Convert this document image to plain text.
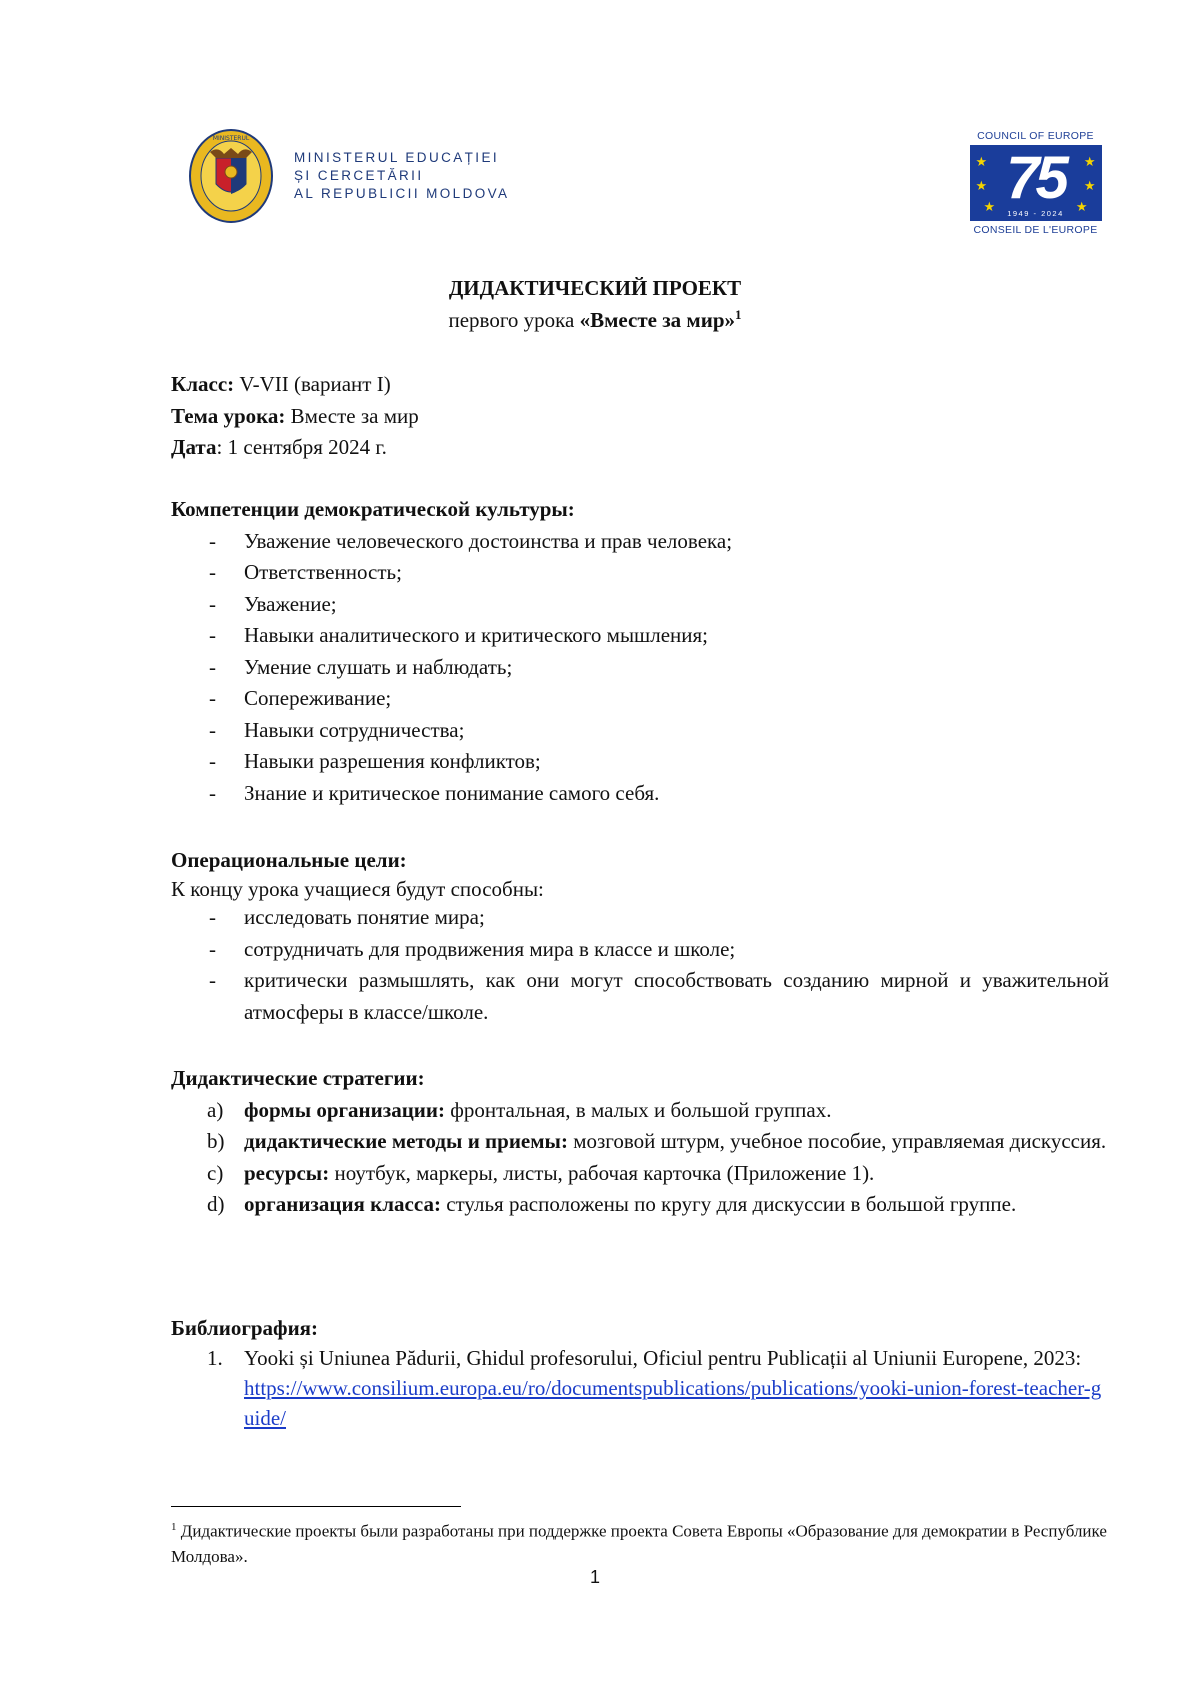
MINISTERUL
MINISTERUL EDUCAȚIEI
ȘI CERCETĂRII
AL REPUBLICII MOLDOVA
COUNCIL OF EUROPE
★
★
★
★
★
★
75
1949 - 2024
CONSEIL DE L'EUROPE
ДИДАКТИЧЕСКИЙ ПРОЕКТ
первого урока «Вместе за мир»$^1$
Класс: V-VII (вариант I)
Тема урока: Вместе за мир
Дата: 1 сентября 2024 г.
Компетенции демократической культуры:
- Уважение человеческого достоинства и прав человека;
- Ответственность;
- Уважение;
- Навыки аналитического и критического мышления;
- Умение слушать и наблюдать;
- Сопереживание;
- Навыки сотрудничества;
- Навыки разрешения конфликтов;
- Знание и критическое понимание самого себя.
Операциональные цели:
К концу урока учащиеся будут способны:
- исследовать понятие мира;
- сотрудничать для продвижения мира в классе и школе;
- критически размышлять, как они могут способствовать созданию мирной и уважительной атмосферы в классе/школе.
Дидактические стратегии:
a) формы организации: фронтальная, в малых и большой группах.
b) дидактические методы и приемы: мозговой штурм, учебное пособие, управляемая дискуссия.
c) ресурсы: ноутбук, маркеры, листы, рабочая карточка (Приложение 1).
d) организация класса: стулья расположены по кругу для дискуссии в большой группе.
Библиография:
1. Yooki și Uniunea Pădurii, Ghidul profesorului, Oficiul pentru Publicații al Uniunii Europene, 2023:
https://www.consilium.europa.eu/ro/documentspublications/publications/yooki-union-forest-teacher-guide/
$^1$ Дидактические проекты были разработаны при поддержке проекта Совета Европы «Образование для демократии в Республике Молдова».
1
